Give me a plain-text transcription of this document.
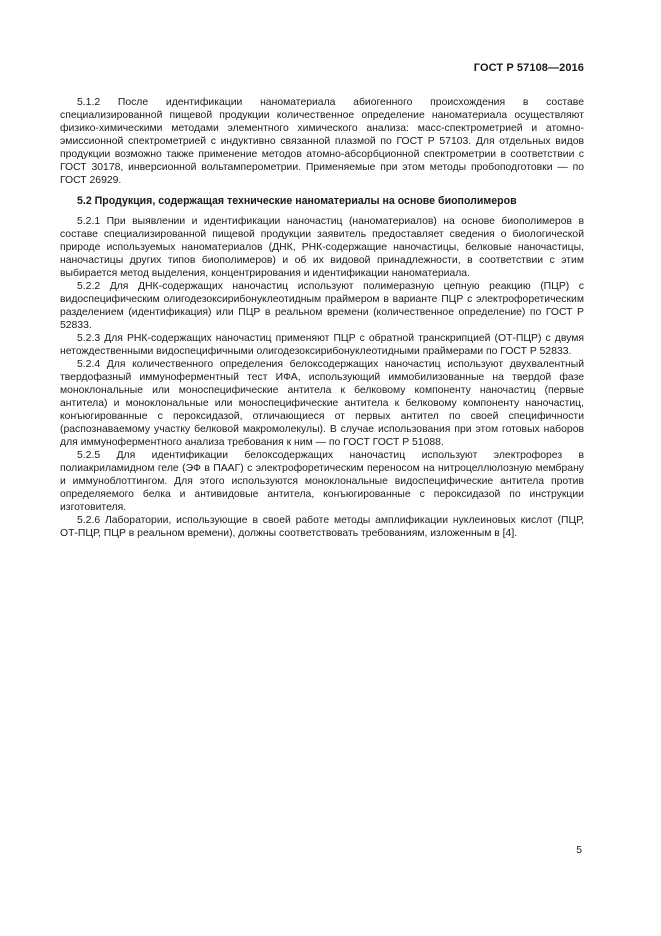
ГОСТ Р 57108—2016

5.1.2 После идентификации наноматериала абиогенного происхождения в составе специализированной пищевой продукции количественное определение наноматериала осуществляют физико-химическими методами элементного химического анализа: масс-спектрометрией и атомно-эмиссионной спектрометрией с индуктивно связанной плазмой по ГОСТ Р 57103. Для отдельных видов продукции возможно также применение методов атомно-абсорбционной спектрометрии в соответствии с ГОСТ 30178, инверсионной вольтамперометрии. Применяемые при этом методы пробоподготовки — по ГОСТ 26929.

5.2 Продукция, содержащая технические наноматериалы на основе биополимеров

5.2.1 При выявлении и идентификации наночастиц (наноматериалов) на основе биополимеров в составе специализированной пищевой продукции заявитель предоставляет сведения о биологической природе используемых наноматериалов (ДНК, РНК-содержащие наночастицы, белковые наночастицы, наночастицы других типов биополимеров) и об их видовой принадлежности, в соответствии с этим выбирается метод выделения, концентрирования и идентификации наноматериала.

5.2.2 Для ДНК-содержащих наночастиц используют полимеразную цепную реакцию (ПЦР) с видоспецифическим олигодезоксирибонуклеотидным праймером в варианте ПЦР с электрофоретическим разделением (идентификация) или ПЦР в реальном времени (количественное определение) по ГОСТ Р 52833.

5.2.3 Для РНК-содержащих наночастиц применяют ПЦР с обратной транскрипцией (ОТ-ПЦР) с двумя нетождественными видоспецифичными олигодезоксирибонуклеотидными праймерами по ГОСТ Р 52833.

5.2.4 Для количественного определения белоксодержащих наночастиц используют двухвалентный твердофазный иммуноферментный тест ИФА, использующий иммобилизованные на твердой фазе моноклональные или моноспецифические антитела к белковому компоненту наночастиц (первые антитела) и моноклональные или моноспецифические антитела к белковому компоненту наночастиц, конъюгированные с пероксидазой, отличающиеся от первых антител по своей специфичности (распознаваемому участку белковой макромолекулы). В случае использования при этом готовых наборов для иммуноферментного анализа требования к ним — по ГОСТ ГОСТ Р 51088.

5.2.5 Для идентификации белоксодержащих наночастиц используют электрофорез в полиакриламидном геле (ЭФ в ПААГ) с электрофоретическим переносом на нитроцеллюлозную мембрану и иммуноблоттингом. Для этого используются моноклональные видоспецифические антитела против определяемого белка и антивидовые антитела, конъюгированные с пероксидазой по инструкции изготовителя.

5.2.6 Лаборатории, использующие в своей работе методы амплификации нуклеиновых кислот (ПЦР, ОТ-ПЦР, ПЦР в реальном времени), должны соответствовать требованиям, изложенным в [4].

5
